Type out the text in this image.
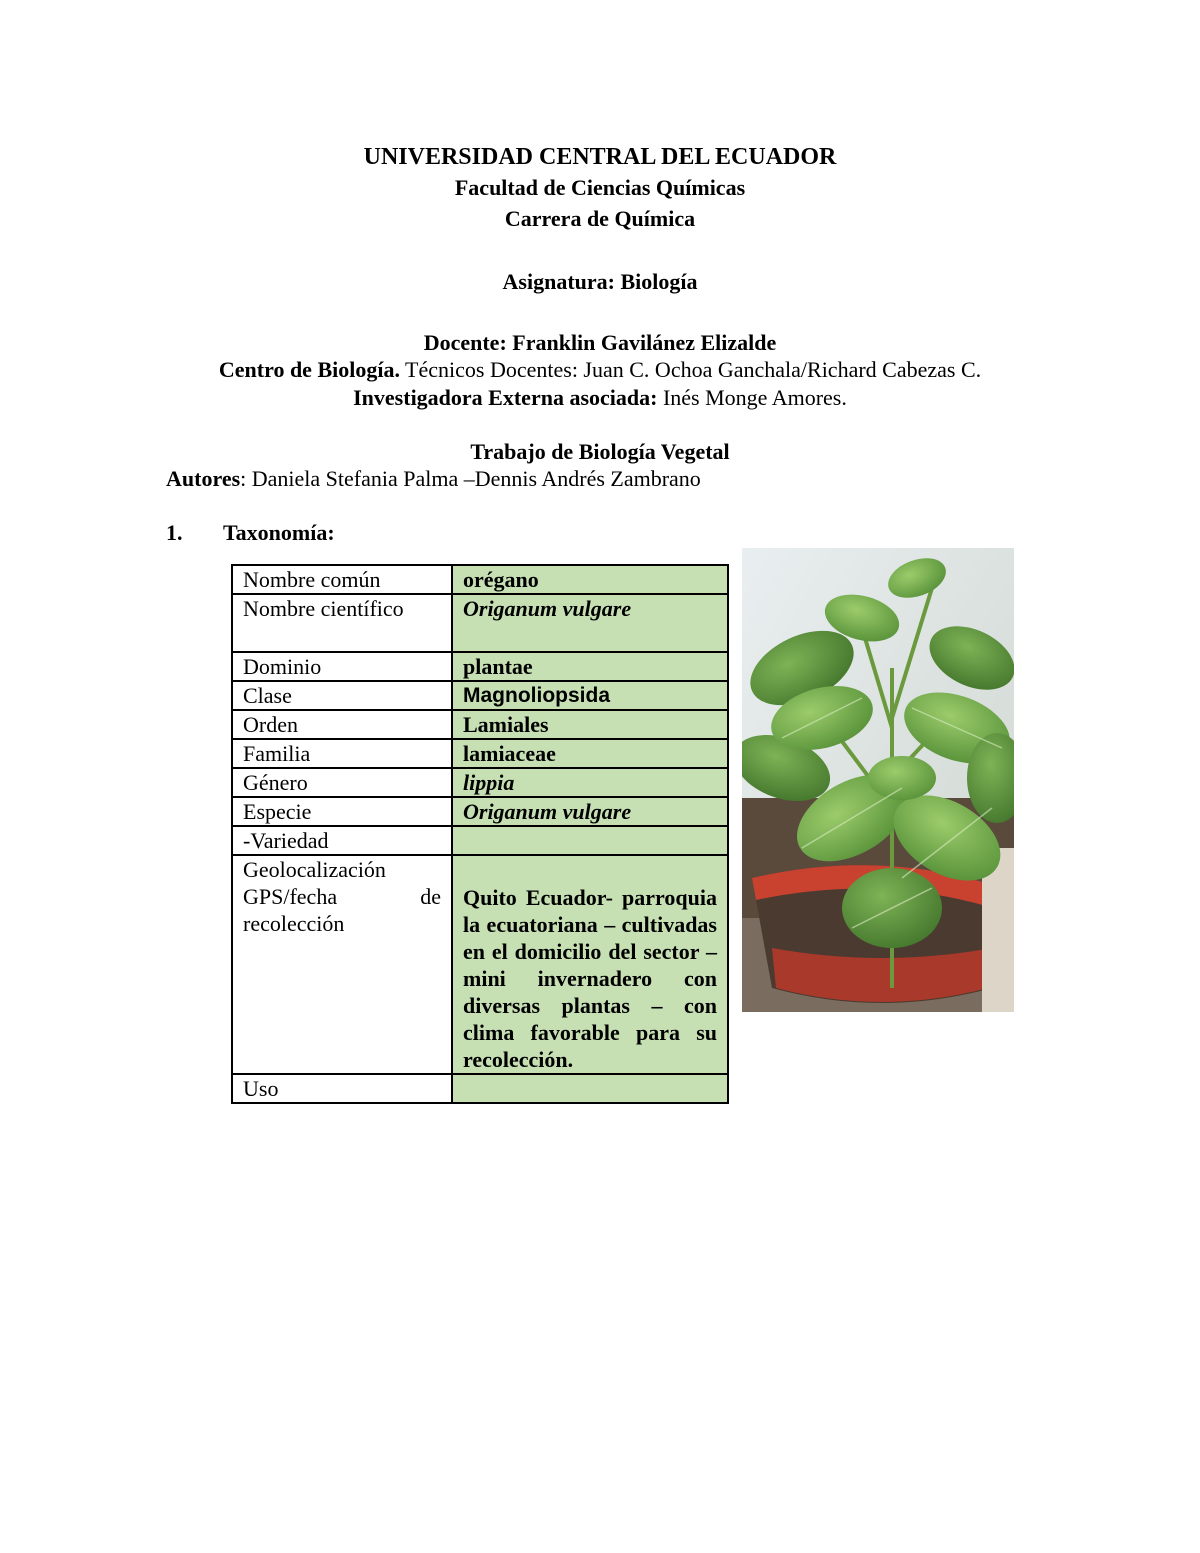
UNIVERSIDAD CENTRAL DEL ECUADOR
Facultad de Ciencias Químicas
Carrera de Química
Asignatura: Biología
Docente: Franklin Gavilánez Elizalde
Centro de Biología. Técnicos Docentes: Juan C. Ochoa Ganchala/Richard Cabezas C.
Investigadora Externa asociada: Inés Monge Amores.
Trabajo de Biología Vegetal
Autores: Daniela Stefania Palma –Dennis Andrés Zambrano
1. Taxonomía:
Nombre común	orégano
Nombre científico	Origanum vulgare
Dominio	plantae
Clase	Magnoliopsida
Orden	Lamiales
Familia	lamiaceae
Género	lippia
Especie	Origanum vulgare
-Variedad	

Geolocalización
GPS/fecha de
recolección	Quito Ecuador- parroquia la ecuatoriana – cultivadas en el domicilio del sector – mini invernadero con diversas plantas – con clima favorable para su recolección.
Uso	
